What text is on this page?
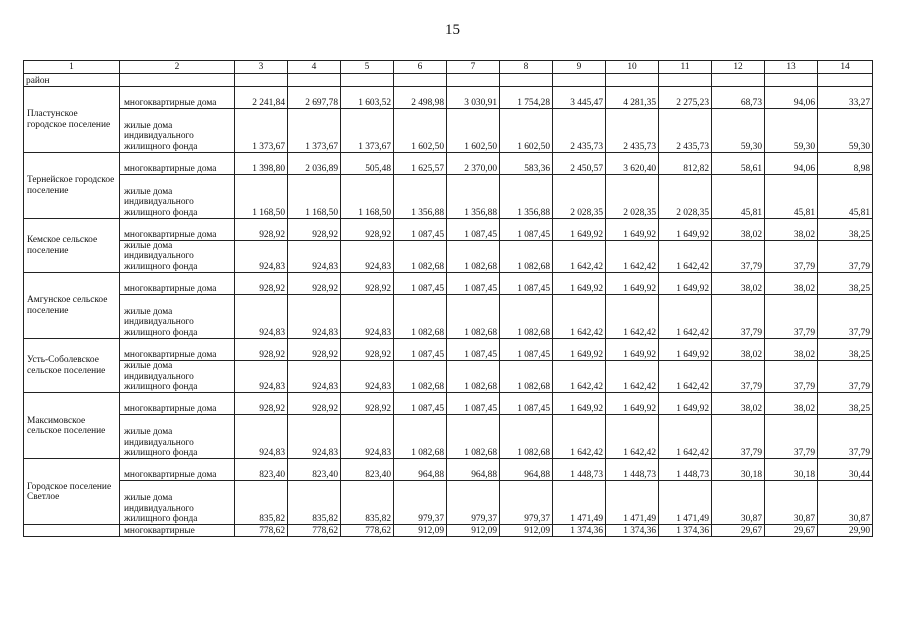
15
1	2	3	4	5	6	7	8	9	10	11	12	13	14
район													
Пластунское городское поселение	многоквартирные дома	2 241,84	2 697,78	1 603,52	2 498,98	3 030,91	1 754,28	3 445,47	4 281,35	2 275,23	68,73	94,06	33,27
	жилые дома индивидуального жилищного фонда	1 373,67	1 373,67	1 373,67	1 602,50	1 602,50	1 602,50	2 435,73	2 435,73	2 435,73	59,30	59,30	59,30
Тернейское городское поселение	многоквартирные дома	1 398,80	2 036,89	505,48	1 625,57	2 370,00	583,36	2 450,57	3 620,40	812,82	58,61	94,06	8,98
	жилые дома индивидуального жилищного фонда	1 168,50	1 168,50	1 168,50	1 356,88	1 356,88	1 356,88	2 028,35	2 028,35	2 028,35	45,81	45,81	45,81
Кемское сельское поселение	многоквартирные дома	928,92	928,92	928,92	1 087,45	1 087,45	1 087,45	1 649,92	1 649,92	1 649,92	38,02	38,02	38,25
	жилые дома индивидуального жилищного фонда	924,83	924,83	924,83	1 082,68	1 082,68	1 082,68	1 642,42	1 642,42	1 642,42	37,79	37,79	37,79
Амгунское сельское поселение	многоквартирные дома	928,92	928,92	928,92	1 087,45	1 087,45	1 087,45	1 649,92	1 649,92	1 649,92	38,02	38,02	38,25
	жилые дома индивидуального жилищного фонда	924,83	924,83	924,83	1 082,68	1 082,68	1 082,68	1 642,42	1 642,42	1 642,42	37,79	37,79	37,79
Усть-Соболевское сельское поселение	многоквартирные дома	928,92	928,92	928,92	1 087,45	1 087,45	1 087,45	1 649,92	1 649,92	1 649,92	38,02	38,02	38,25
	жилые дома индивидуального жилищного фонда	924,83	924,83	924,83	1 082,68	1 082,68	1 082,68	1 642,42	1 642,42	1 642,42	37,79	37,79	37,79
Максимовское сельское поселение	многоквартирные дома	928,92	928,92	928,92	1 087,45	1 087,45	1 087,45	1 649,92	1 649,92	1 649,92	38,02	38,02	38,25
	жилые дома индивидуального жилищного фонда	924,83	924,83	924,83	1 082,68	1 082,68	1 082,68	1 642,42	1 642,42	1 642,42	37,79	37,79	37,79
Городское поселение Светлое	многоквартирные дома	823,40	823,40	823,40	964,88	964,88	964,88	1 448,73	1 448,73	1 448,73	30,18	30,18	30,44
	жилые дома индивидуального жилищного фонда	835,82	835,82	835,82	979,37	979,37	979,37	1 471,49	1 471,49	1 471,49	30,87	30,87	30,87
	многоквартирные	778,62	778,62	778,62	912,09	912,09	912,09	1 374,36	1 374,36	1 374,36	29,67	29,67	29,90
